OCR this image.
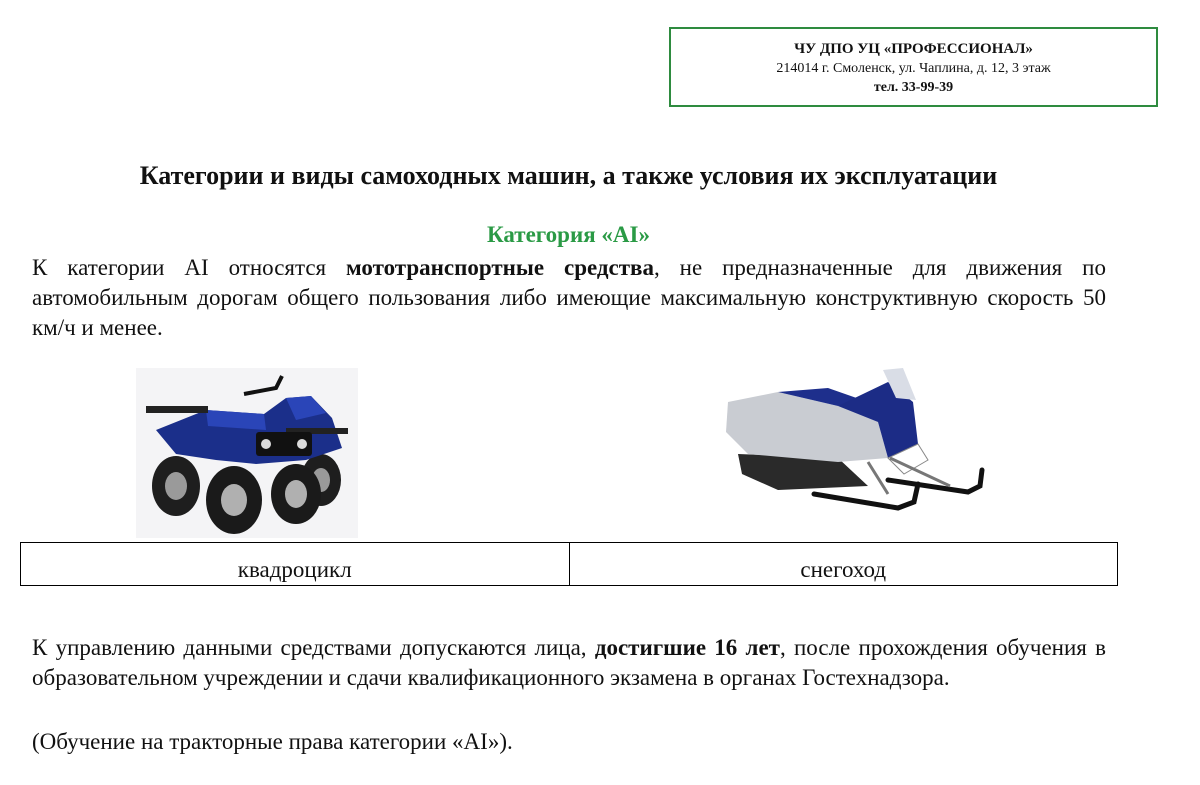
ЧУ ДПО УЦ «ПРОФЕССИОНАЛ»
214014 г. Смоленск, ул. Чаплина, д. 12, 3 этаж
тел. 33-99-39
Категории и виды самоходных машин, а также условия их эксплуатации
Категория «AI»
К категории AI относятся мототранспортные средства, не предназначенные для движения по автомобильным дорогам общего пользования либо имеющие максимальную конструктивную скорость 50 км/ч и менее.
квадроцикл	снегоход
К управлению данными средствами допускаются лица, достигшие 16 лет, после прохождения обучения в образовательном учреждении и сдачи квалификационного экзамена в органах Гостехнадзора.
(Обучение на тракторные права категории «AI»).
